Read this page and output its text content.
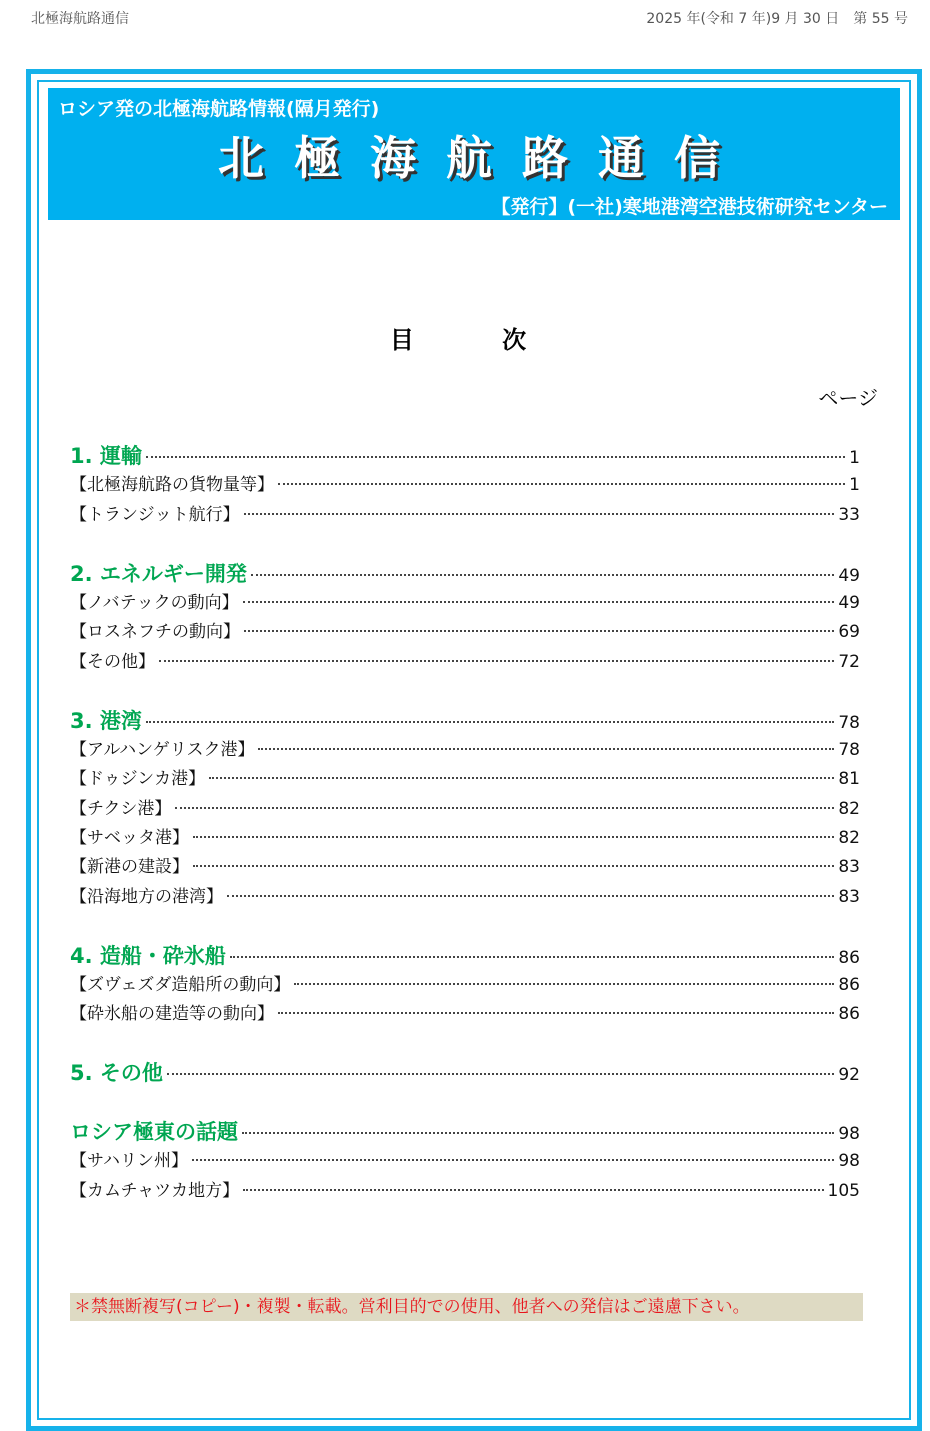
北極海航路通信	2025 年(令和 7 年)9 月 30 日　第 55 号
ロシア発の北極海航路情報(隔月発行)
北極海航路通信
【発行】(一社)寒地港湾空港技術研究センター
目 次
ページ
1. 運輸	1
【北極海航路の貨物量等】	1
【トランジット航行】	33
2. エネルギー開発	49
【ノバテックの動向】	49
【ロスネフチの動向】	69
【その他】	72
3. 港湾	78
【アルハンゲリスク港】	78
【ドゥジンカ港】	81
【チクシ港】	82
【サベッタ港】	82
【新港の建設】	83
【沿海地方の港湾】	83
4. 造船・砕氷船	86
【ズヴェズダ造船所の動向】	86
【砕氷船の建造等の動向】	86
5. その他	92
ロシア極東の話題	98
【サハリン州】	98
【カムチャツカ地方】	105
＊禁無断複写(コピー)・複製・転載。営利目的での使用、他者への発信はご遠慮下さい。
